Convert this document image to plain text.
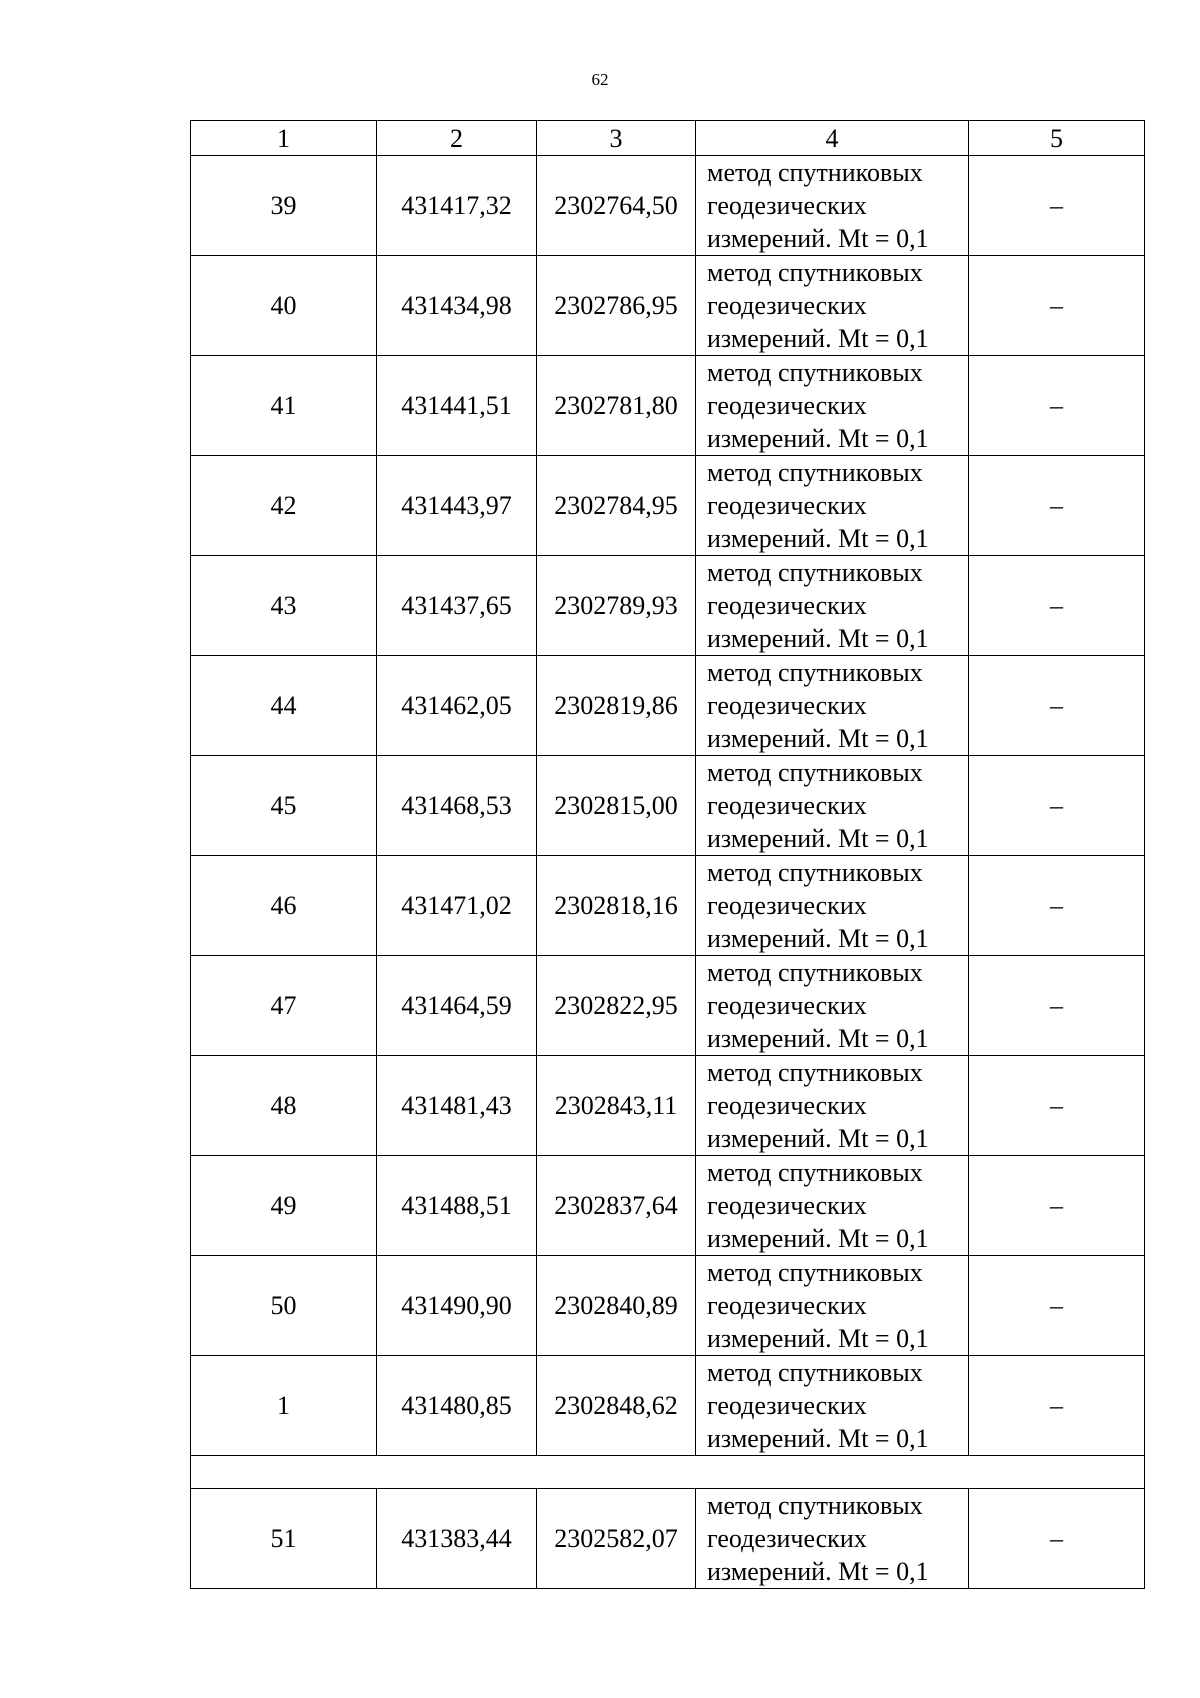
62
1	2	3	4	5
39	431417,32	2302764,50	метод спутниковых
геодезических
измерений. Mt = 0,1	–
40	431434,98	2302786,95	метод спутниковых
геодезических
измерений. Mt = 0,1	–
41	431441,51	2302781,80	метод спутниковых
геодезических
измерений. Mt = 0,1	–
42	431443,97	2302784,95	метод спутниковых
геодезических
измерений. Mt = 0,1	–
43	431437,65	2302789,93	метод спутниковых
геодезических
измерений. Mt = 0,1	–
44	431462,05	2302819,86	метод спутниковых
геодезических
измерений. Mt = 0,1	–
45	431468,53	2302815,00	метод спутниковых
геодезических
измерений. Mt = 0,1	–
46	431471,02	2302818,16	метод спутниковых
геодезических
измерений. Mt = 0,1	–
47	431464,59	2302822,95	метод спутниковых
геодезических
измерений. Mt = 0,1	–
48	431481,43	2302843,11	метод спутниковых
геодезических
измерений. Mt = 0,1	–
49	431488,51	2302837,64	метод спутниковых
геодезических
измерений. Mt = 0,1	–
50	431490,90	2302840,89	метод спутниковых
геодезических
измерений. Mt = 0,1	–
1	431480,85	2302848,62	метод спутниковых
геодезических
измерений. Mt = 0,1	–

51	431383,44	2302582,07	метод спутниковых
геодезических
измерений. Mt = 0,1	–
